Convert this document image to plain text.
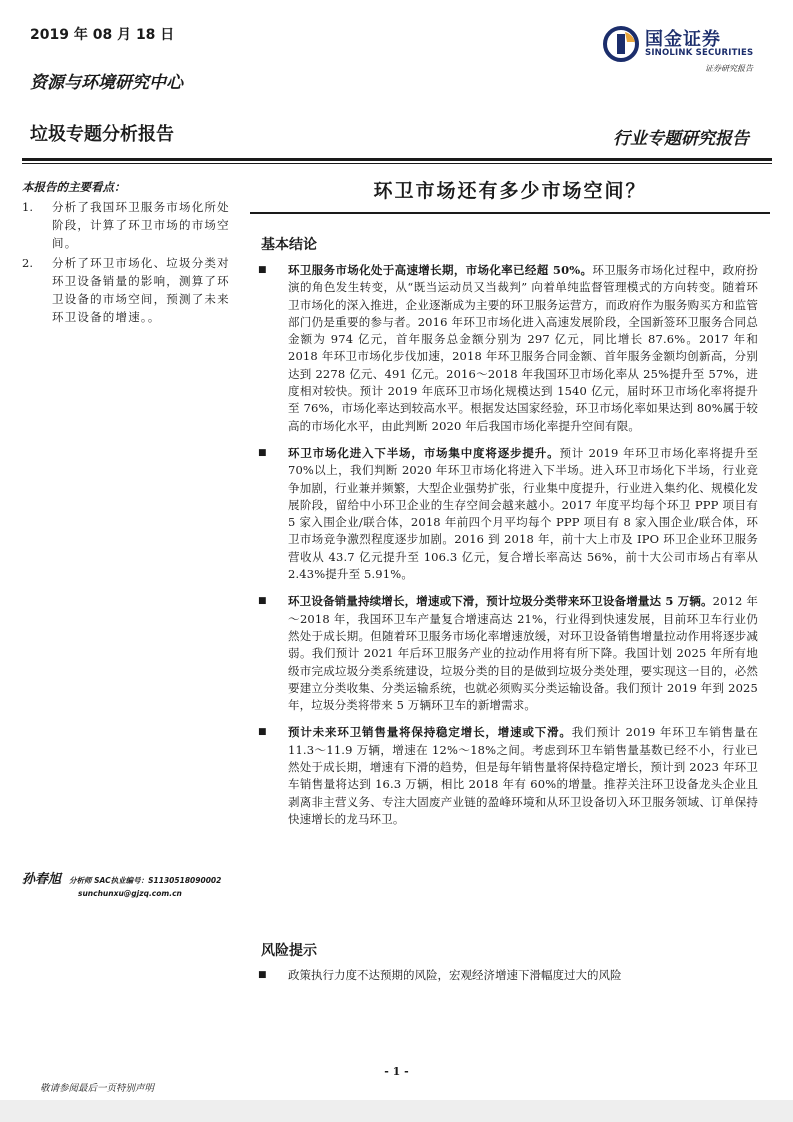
2019 年 08 月 18 日
资源与环境研究中心
垃圾专题分析报告	行业专题研究报告
国金证券
SINOLINK SECURITIES
证券研究报告
本报告的主要看点：
1.	分析了我国环卫服务市场化所处阶段，计算了环卫市场的市场空间。
2.	分析了环卫市场化、垃圾分类对环卫设备销量的影响，测算了环卫设备的市场空间，预测了未来环卫设备的增速。。
孙春旭 分析师 SAC执业编号：S1130518090002
sunchunxu@gjzq.com.cn
环卫市场还有多少市场空间？
基本结论
■	环卫服务市场化处于高速增长期，市场化率已经超 50%。环卫服务市场化过程中，政府扮演的角色发生转变，从“既当运动员又当裁判” 向着单纯监督管理模式的方向转变。随着环卫市场化的深入推进，企业逐渐成为主要的环卫服务运营方，而政府作为服务购买方和监管部门仍是重要的参与者。2016 年环卫市场化进入高速发展阶段，全国新签环卫服务合同总金额为 974 亿元，首年服务总金额分别为 297 亿元，同比增长 87.6%。2017 年和 2018 年环卫市场化步伐加速，2018 年环卫服务合同金额、首年服务金额均创新高，分别达到 2278 亿元、491 亿元。2016～2018 年我国环卫市场化率从 25%提升至 57%，进度相对较快。预计 2019 年底环卫市场化规模达到 1540 亿元，届时环卫市场化率将提升至 76%，市场化率达到较高水平。根据发达国家经验，环卫市场化率如果达到 80%属于较高的市场化水平，由此判断 2020 年后我国市场化率提升空间有限。
■	环卫市场化进入下半场，市场集中度将逐步提升。预计 2019 年环卫市场化率将提升至 70%以上，我们判断 2020 年环卫市场化将进入下半场。进入环卫市场化下半场，行业竞争加剧，行业兼并频繁，大型企业强势扩张，行业集中度提升，行业进入集约化、规模化发展阶段，留给中小环卫企业的生存空间会越来越小。2017 年度平均每个环卫 PPP 项目有 5 家入围企业/联合体，2018 年前四个月平均每个 PPP 项目有 8 家入围企业/联合体，环卫市场竞争激烈程度逐步加剧。2016 到 2018 年，前十大上市及 IPO 环卫企业环卫服务营收从 43.7 亿元提升至 106.3 亿元，复合增长率高达 56%，前十大公司市场占有率从 2.43%提升至 5.91%。
■	环卫设备销量持续增长，增速或下滑，预计垃圾分类带来环卫设备增量达 5 万辆。2012 年～2018 年，我国环卫车产量复合增速高达 21%，行业得到快速发展，目前环卫车行业仍然处于成长期。但随着环卫服务市场化率增速放缓，对环卫设备销售增量拉动作用将逐步减弱。我们预计 2021 年后环卫服务产业的拉动作用将有所下降。我国计划 2025 年所有地级市完成垃圾分类系统建设，垃圾分类的目的是做到垃圾分类处理，要实现这一目的，必然要建立分类收集、分类运输系统，也就必须购买分类运输设备。我们预计 2019 年到 2025 年，垃圾分类将带来 5 万辆环卫车的新增需求。
■	预计未来环卫销售量将保持稳定增长，增速或下滑。我们预计 2019 年环卫车销售量在 11.3～11.9 万辆，增速在 12%～18%之间。考虑到环卫车销售量基数已经不小，行业已然处于成长期，增速有下滑的趋势，但是每年销售量将保持稳定增长，预计到 2023 年环卫车销售量将达到 16.3 万辆，相比 2018 年有 60%的增量。推荐关注环卫设备龙头企业且剥离非主营义务、专注大固废产业链的盈峰环境和从环卫设备切入环卫服务领域、订单保持快速增长的龙马环卫。
风险提示
■	政策执行力度不达预期的风险，宏观经济增速下滑幅度过大的风险
- 1 -
敬请参阅最后一页特别声明
